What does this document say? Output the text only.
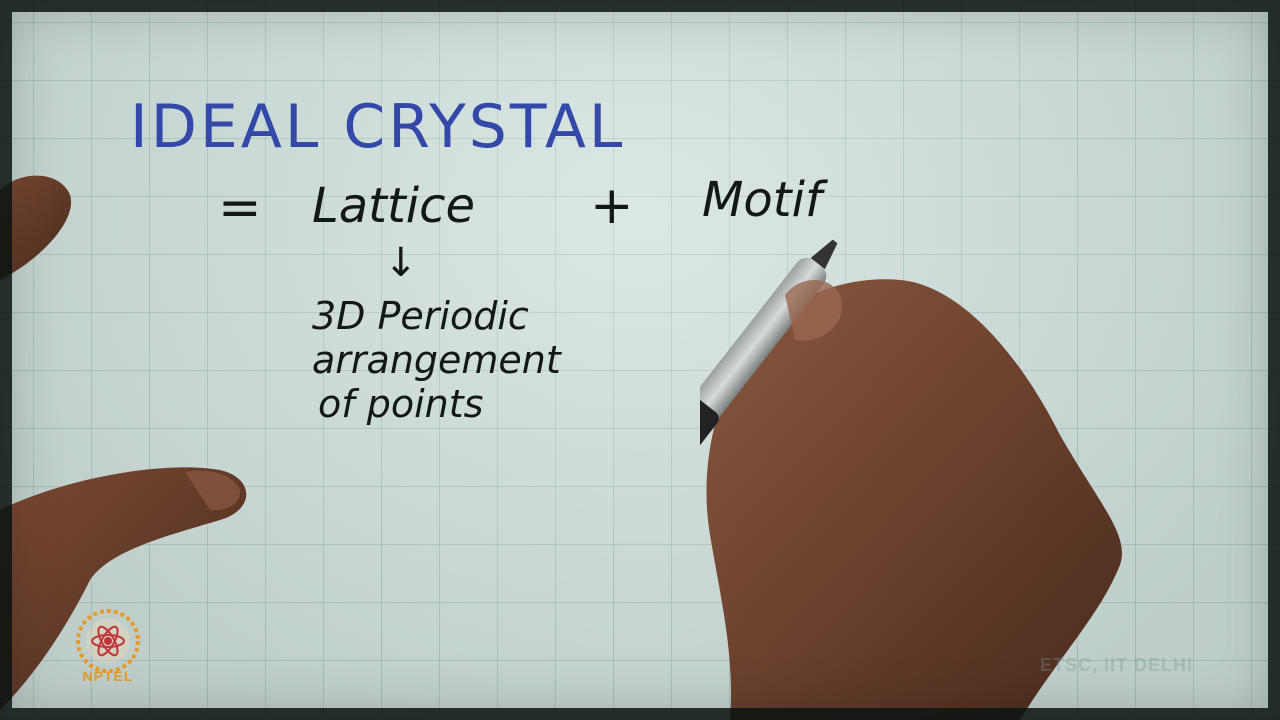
IDEAL CRYSTAL

= Lattice + Motif

↓

3D Periodic

arrangement

of points

NPTEL
ETSC, IIT DELHI
